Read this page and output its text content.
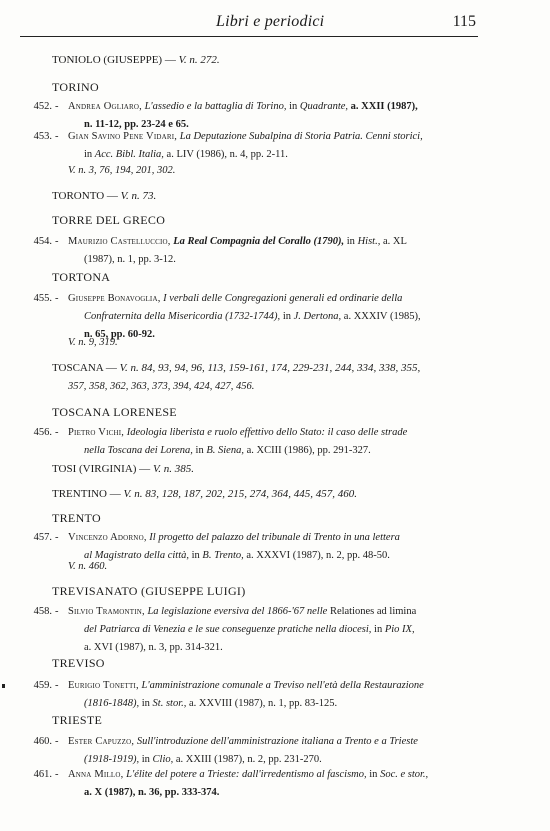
Libri e periodici	115
TONIOLO (GIUSEPPE) — V. n. 272.
TORINO
452. - Andrea Ogliaro, L'assedio e la battaglia di Torino, in Quadrante, a. XXII (1987),
n. 11-12, pp. 23-24 e 65.
453. - Gian Savino Pene Vidari, La Deputazione Subalpina di Storia Patria. Cenni storici,
in Acc. Bibl. Italia, a. LIV (1986), n. 4, pp. 2-11.
V. n. 3, 76, 194, 201, 302.
TORONTO — V. n. 73.
TORRE DEL GRECO
454. - Maurizio Castelluccio, La Real Compagnia del Corallo (1790), in Hist., a. XL
(1987), n. 1, pp. 3-12.
TORTONA
455. - Giuseppe Bonavoglia, I verbali delle Congregazioni generali ed ordinarie della
Confraternita della Misericordia (1732-1744), in J. Dertona, a. XXXIV (1985),
n. 65, pp. 60-92.
V. n. 9, 319.
TOSCANA — V. n. 84, 93, 94, 96, 113, 159-161, 174, 229-231, 244, 334, 338, 355,
357, 358, 362, 363, 373, 394, 424, 427, 456.
TOSCANA LORENESE
456. - Pietro Vichi, Ideologia liberista e ruolo effettivo dello Stato: il caso delle strade
nella Toscana dei Lorena, in B. Siena, a. XCIII (1986), pp. 291-327.
TOSI (VIRGINIA) — V. n. 385.
TRENTINO — V. n. 83, 128, 187, 202, 215, 274, 364, 445, 457, 460.
TRENTO
457. - Vincenzo Adorno, Il progetto del palazzo del tribunale di Trento in una lettera
al Magistrato della città, in B. Trento, a. XXXVI (1987), n. 2, pp. 48-50.
V. n. 460.
TREVISANATO (GIUSEPPE LUIGI)
458. - Silvio Tramontin, La legislazione eversiva del 1866-'67 nelle Relationes ad limina
del Patriarca di Venezia e le sue conseguenze pratiche nella diocesi, in Pio IX,
a. XVI (1987), n. 3, pp. 314-321.
TREVISO
459. - Eurigio Tonetti, L'amministrazione comunale a Treviso nell'età della Restaurazione
(1816-1848), in St. stor., a. XXVIII (1987), n. 1, pp. 83-125.
TRIESTE
460. - Ester Capuzzo, Sull'introduzione dell'amministrazione italiana a Trento e a Trieste
(1918-1919), in Clio, a. XXIII (1987), n. 2, pp. 231-270.
461. - Anna Millo, L'élite del potere a Trieste: dall'irredentismo al fascismo, in Soc. e stor.,
a. X (1987), n. 36, pp. 333-374.
